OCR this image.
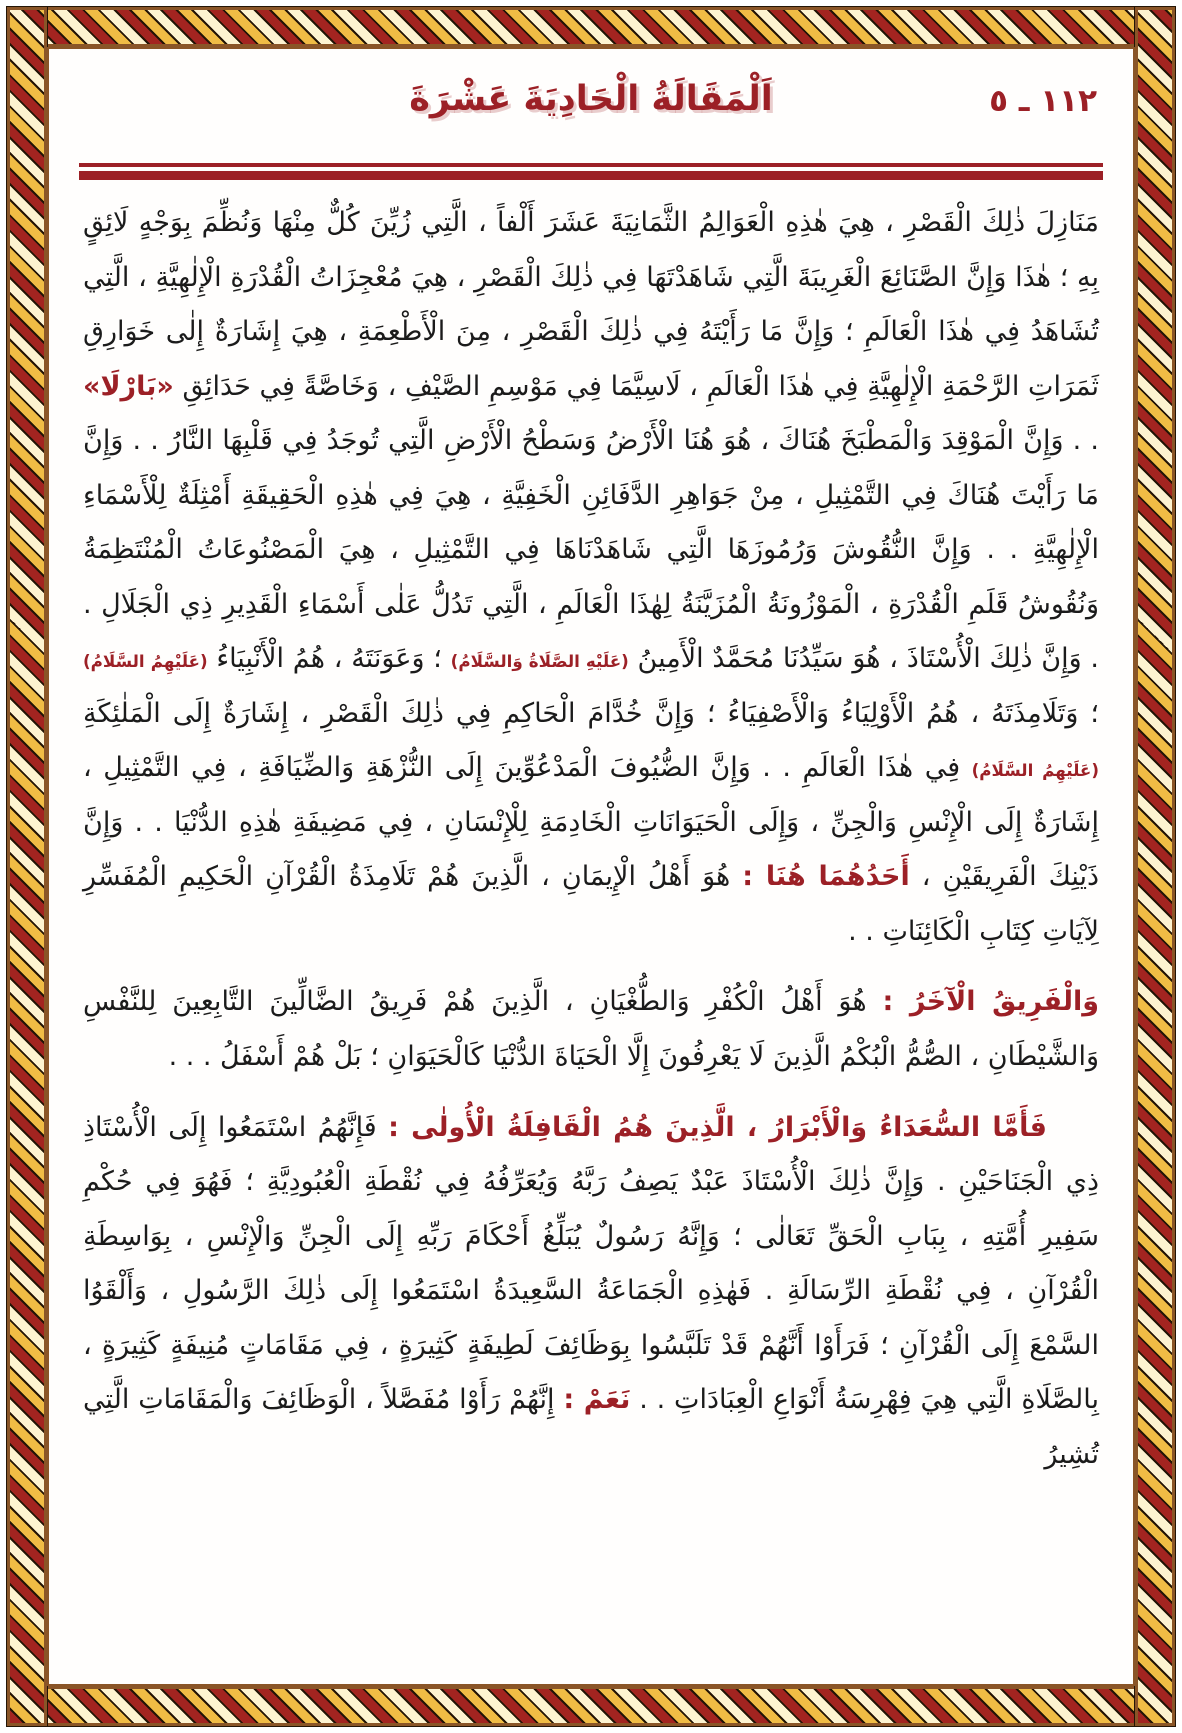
١١٢ ـ ٥
اَلْمَقَالَةُ الْحَادِيَةَ عَشْرَةَ

مَنَازِلَ ذٰلِكَ الْقَصْرِ ، هِيَ هٰذِهِ الْعَوَالِمُ الثَّمَانِيَةَ عَشَرَ أَلْفاً ، الَّتِي زُيِّنَ كُلٌّ مِنْهَا وَنُظِّمَ بِوَجْهٍ لَائِقٍ بِهِ ؛ هٰذَا وَإِنَّ الصَّنَائِعَ الْغَرِيبَةَ الَّتِي شَاهَدْتَهَا فِي ذٰلِكَ الْقَصْرِ ، هِيَ مُعْجِزَاتُ الْقُدْرَةِ الْإِلٰهِيَّةِ ، الَّتِي تُشَاهَدُ فِي هٰذَا الْعَالَمِ ؛ وَإِنَّ مَا رَأَيْتَهُ فِي ذٰلِكَ الْقَصْرِ ، مِنَ الْأَطْعِمَةِ ، هِيَ إِشَارَةٌ إِلٰى خَوَارِقِ ثَمَرَاتِ الرَّحْمَةِ الْإِلٰهِيَّةِ فِي هٰذَا الْعَالَمِ ، لَاسِيَّمَا فِي مَوْسِمِ الصَّيْفِ ، وَخَاصَّةً فِي حَدَائِقِ «بَارْلَا» . . وَإِنَّ الْمَوْقِدَ وَالْمَطْبَخَ هُنَاكَ ، هُوَ هُنَا الْأَرْضُ وَسَطْحُ الْأَرْضِ الَّتِي تُوجَدُ فِي قَلْبِهَا النَّارُ . . وَإِنَّ مَا رَأَيْتَ هُنَاكَ فِي التَّمْثِيلِ ، مِنْ جَوَاهِرِ الدَّفَائِنِ الْخَفِيَّةِ ، هِيَ فِي هٰذِهِ الْحَقِيقَةِ أَمْثِلَةٌ لِلْأَسْمَاءِ الْإِلٰهِيَّةِ . . وَإِنَّ النُّقُوشَ وَرُمُوزَهَا الَّتِي شَاهَدْنَاهَا فِي التَّمْثِيلِ ، هِيَ الْمَصْنُوعَاتُ الْمُنْتَظِمَةُ وَنُقُوشُ قَلَمِ الْقُدْرَةِ ، الْمَوْزُونَةُ الْمُزَيَّنَةُ لِهٰذَا الْعَالَمِ ، الَّتِي تَدُلُّ عَلٰى أَسْمَاءِ الْقَدِيرِ ذِي الْجَلَالِ . . وَإِنَّ ذٰلِكَ الْأُسْتَاذَ ، هُوَ سَيِّدُنَا مُحَمَّدٌ الْأَمِينُ (عَلَيْهِ الصَّلَاةُ وَالسَّلَامُ) ؛ وَعَوَنَتَهُ ، هُمُ الْأَنْبِيَاءُ (عَلَيْهِمُ السَّلَامُ) ؛ وَتَلَامِذَتَهُ ، هُمُ الْأَوْلِيَاءُ وَالْأَصْفِيَاءُ ؛ وَإِنَّ خُدَّامَ الْحَاكِمِ فِي ذٰلِكَ الْقَصْرِ ، إِشَارَةٌ إِلَى الْمَلٰئِكَةِ (عَلَيْهِمُ السَّلَامُ) فِي هٰذَا الْعَالَمِ . . وَإِنَّ الضُّيُوفَ الْمَدْعُوِّينَ إِلَى النُّزْهَةِ وَالضِّيَافَةِ ، فِي التَّمْثِيلِ ، إِشَارَةٌ إِلَى الْإِنْسِ وَالْجِنِّ ، وَإِلَى الْحَيَوَانَاتِ الْخَادِمَةِ لِلْإِنْسَانِ ، فِي مَضِيفَةِ هٰذِهِ الدُّنْيَا . . وَإِنَّ ذَيْنِكَ الْفَرِيقَيْنِ ، أَحَدُهُمَا هُنَا : هُوَ أَهْلُ الْإِيمَانِ ، الَّذِينَ هُمْ تَلَامِذَةُ الْقُرْآنِ الْحَكِيمِ الْمُفَسِّرِ لِآيَاتِ كِتَابِ الْكَائِنَاتِ . .

وَالْفَرِيقُ الْآخَرُ : هُوَ أَهْلُ الْكُفْرِ وَالطُّغْيَانِ ، الَّذِينَ هُمْ فَرِيقُ الضَّالِّينَ التَّابِعِينَ لِلنَّفْسِ وَالشَّيْطَانِ ، الصُّمُّ الْبُكْمُ الَّذِينَ لَا يَعْرِفُونَ إِلَّا الْحَيَاةَ الدُّنْيَا كَالْحَيَوَانِ ؛ بَلْ هُمْ أَسْفَلُ . . .

فَأَمَّا السُّعَدَاءُ وَالْأَبْرَارُ ، الَّذِينَ هُمُ الْقَافِلَةُ الْأُولٰى : فَإِنَّهُمُ اسْتَمَعُوا إِلَى الْأُسْتَاذِ ذِي الْجَنَاحَيْنِ . وَإِنَّ ذٰلِكَ الْأُسْتَاذَ عَبْدٌ يَصِفُ رَبَّهُ وَيُعَرِّفُهُ فِي نُقْطَةِ الْعُبُودِيَّةِ ؛ فَهُوَ فِي حُكْمِ سَفِيرِ أُمَّتِهِ ، بِبَابِ الْحَقِّ تَعَالٰى ؛ وَإِنَّهُ رَسُولٌ يُبَلِّغُ أَحْكَامَ رَبِّهِ إِلَى الْجِنِّ وَالْإِنْسِ ، بِوَاسِطَةِ الْقُرْآنِ ، فِي نُقْطَةِ الرِّسَالَةِ . فَهٰذِهِ الْجَمَاعَةُ السَّعِيدَةُ اسْتَمَعُوا إِلَى ذٰلِكَ الرَّسُولِ ، وَأَلْقَوُا السَّمْعَ إِلَى الْقُرْآنِ ؛ فَرَأَوْا أَنَّهُمْ قَدْ تَلَبَّسُوا بِوَظَائِفَ لَطِيفَةٍ كَثِيرَةٍ ، فِي مَقَامَاتٍ مُنِيفَةٍ كَثِيرَةٍ ، بِالصَّلَاةِ الَّتِي هِيَ فِهْرِسَةُ أَنْوَاعِ الْعِبَادَاتِ . . نَعَمْ : إِنَّهُمْ رَأَوْا مُفَصَّلاً ، الْوَظَائِفَ وَالْمَقَامَاتِ الَّتِي تُشِيرُ
